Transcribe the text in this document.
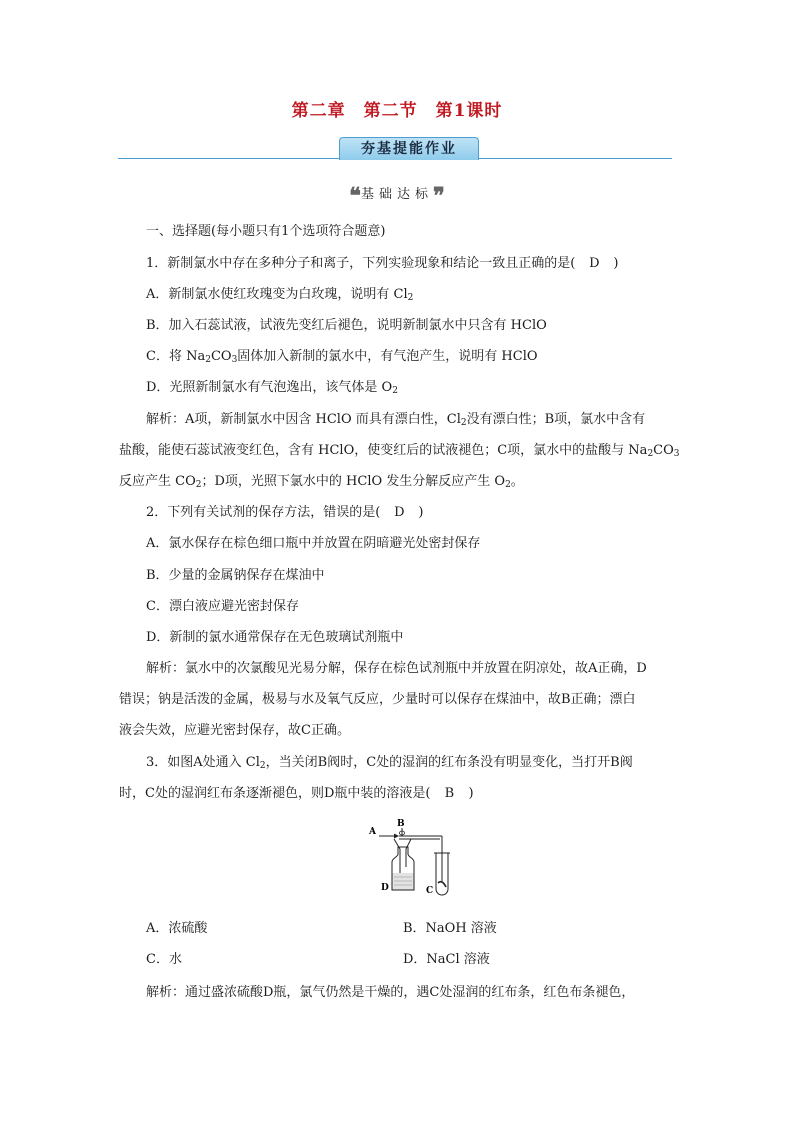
第二章　第二节　第1课时
夯基提能作业
❝基础达标❞
一、选择题(每小题只有1个选项符合题意)
1．新制氯水中存在多种分子和离子，下列实验现象和结论一致且正确的是( D )
A．新制氯水使红玫瑰变为白玫瑰，说明有 $Cl_2$
B．加入石蕊试液，试液先变红后褪色，说明新制氯水中只含有 HClO
C．将 $Na_2CO_3$固体加入新制的氯水中，有气泡产生，说明有 HClO
D．光照新制氯水有气泡逸出，该气体是 $O_2$
解析：A项，新制氯水中因含 HClO 而具有漂白性，$Cl_2$没有漂白性；B项，氯水中含有
盐酸，能使石蕊试液变红色，含有 HClO，使变红后的试液褪色；C项，氯水中的盐酸与 $Na_2CO_3$
反应产生 $CO_2$；D项，光照下氯水中的 HClO 发生分解反应产生 $O_2$。
2．下列有关试剂的保存方法，错误的是( D )
A．氯水保存在棕色细口瓶中并放置在阴暗避光处密封保存
B．少量的金属钠保存在煤油中
C．漂白液应避光密封保存
D．新制的氯水通常保存在无色玻璃试剂瓶中
解析：氯水中的次氯酸见光易分解，保存在棕色试剂瓶中并放置在阴凉处，故A正确，D
错误；钠是活泼的金属，极易与水及氧气反应，少量时可以保存在煤油中，故B正确；漂白
液会失效，应避光密封保存，故C正确。
3．如图A处通入 $Cl_2$，当关闭B阀时，C处的湿润的红布条没有明显变化，当打开B阀
时，C处的湿润红布条逐渐褪色，则D瓶中装的溶液是( B )
A
B
D	C
A．浓硫酸	B．NaOH 溶液
C．水	D．NaCl 溶液
解析：通过盛浓硫酸D瓶，氯气仍然是干燥的，遇C处湿润的红布条，红色布条褪色，
